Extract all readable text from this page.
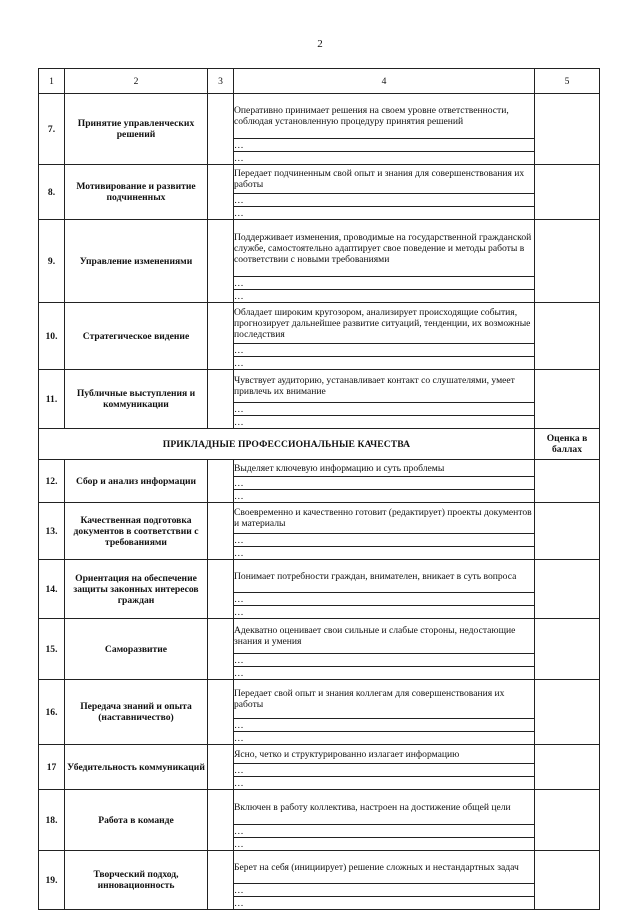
2
1	2	3	4	5
7.	Принятие управленческих решений		Оперативно принимает решения на своем уровне ответственности, соблюдая установленную процедуру принятия решений	
			…	
			…	
8.	Мотивирование и развитие подчиненных		Передает подчиненным свой опыт и знания для совершенствования их работы	
			…	
			…	
9.	Управление изменениями		Поддерживает изменения, проводимые на государственной гражданской службе, самостоятельно адаптирует свое поведение и методы работы в соответствии с новыми требованиями	
			…	
			…	
10.	Стратегическое видение		Обладает широким кругозором, анализирует происходящие события, прогнозирует дальнейшее развитие ситуаций, тенденции, их возможные последствия	
			…	
			…	
11.	Публичные выступления и коммуникации		Чувствует аудиторию, устанавливает контакт со слушателями, умеет привлечь их внимание	
			…	
			…	
ПРИКЛАДНЫЕ ПРОФЕССИОНАЛЬНЫЕ КАЧЕСТВА				Оценка в баллах
12.	Сбор и анализ информации		Выделяет ключевую информацию и суть проблемы	
			…	
			…	
13.	Качественная подготовка документов в соответствии с требованиями		Своевременно и качественно готовит (редактирует) проекты документов и материалы	
			…	
			…	
14.	Ориентация на обеспечение защиты законных интересов граждан		Понимает потребности граждан, внимателен, вникает в суть вопроса	
			…	
			…	
15.	Саморазвитие		Адекватно оценивает свои сильные и слабые стороны, недостающие знания и умения	
			…	
			…	
16.	Передача знаний и опыта (наставничество)		Передает свой опыт и знания коллегам для совершенствования их работы	
			…	
			…	
17	Убедительность коммуникаций		Ясно, четко и структурированно излагает информацию	
			…	
			…	
18.	Работа в команде		Включен в работу коллектива, настроен на достижение общей цели	
			…	
			…	
19.	Творческий подход, инновационность		Берет на себя (инициирует) решение сложных и нестандартных задач	
			…	
			…	
